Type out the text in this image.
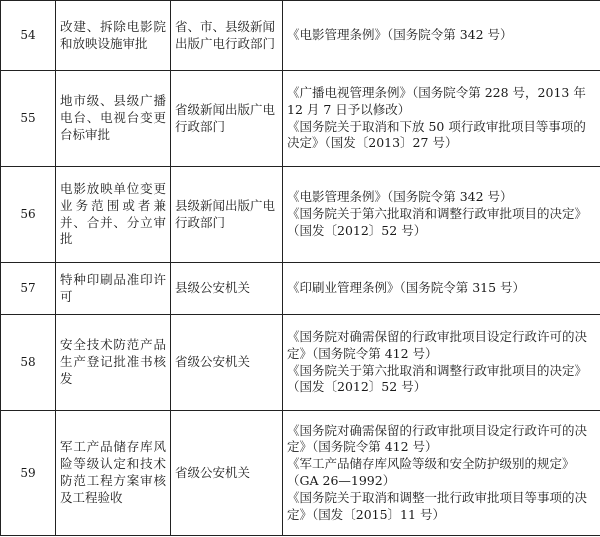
54	改建、拆除电影院和放映设施审批	省、市、县级新闻出版广电行政部门	《电影管理条例》（国务院令第 342 号）

55	地市级、县级广播电台、电视台变更台标审批	省级新闻出版广电行政部门	《广播电视管理条例》（国务院令第 228 号，2013 年 12 月 7 日予以修改）
《国务院关于取消和下放 50 项行政审批项目等事项的决定》（国发〔2013〕27 号）

56	电影放映单位变更业务范围或者兼并、合并、分立审批	县级新闻出版广电行政部门	《电影管理条例》（国务院令第 342 号）
《国务院关于第六批取消和调整行政审批项目的决定》（国发〔2012〕52 号）

57	特种印刷品准印许可	县级公安机关	《印刷业管理条例》（国务院令第 315 号）

58	安全技术防范产品生产登记批准书核发	省级公安机关	《国务院对确需保留的行政审批项目设定行政许可的决定》（国务院令第 412 号）
《国务院关于第六批取消和调整行政审批项目的决定》（国发〔2012〕52 号）

59	军工产品储存库风险等级认定和技术防范工程方案审核及工程验收	省级公安机关	《国务院对确需保留的行政审批项目设定行政许可的决定》（国务院令第 412 号）
《军工产品储存库风险等级和安全防护级别的规定》（GA 26—1992）
《国务院关于取消和调整一批行政审批项目等事项的决定》（国发〔2015〕11 号）
